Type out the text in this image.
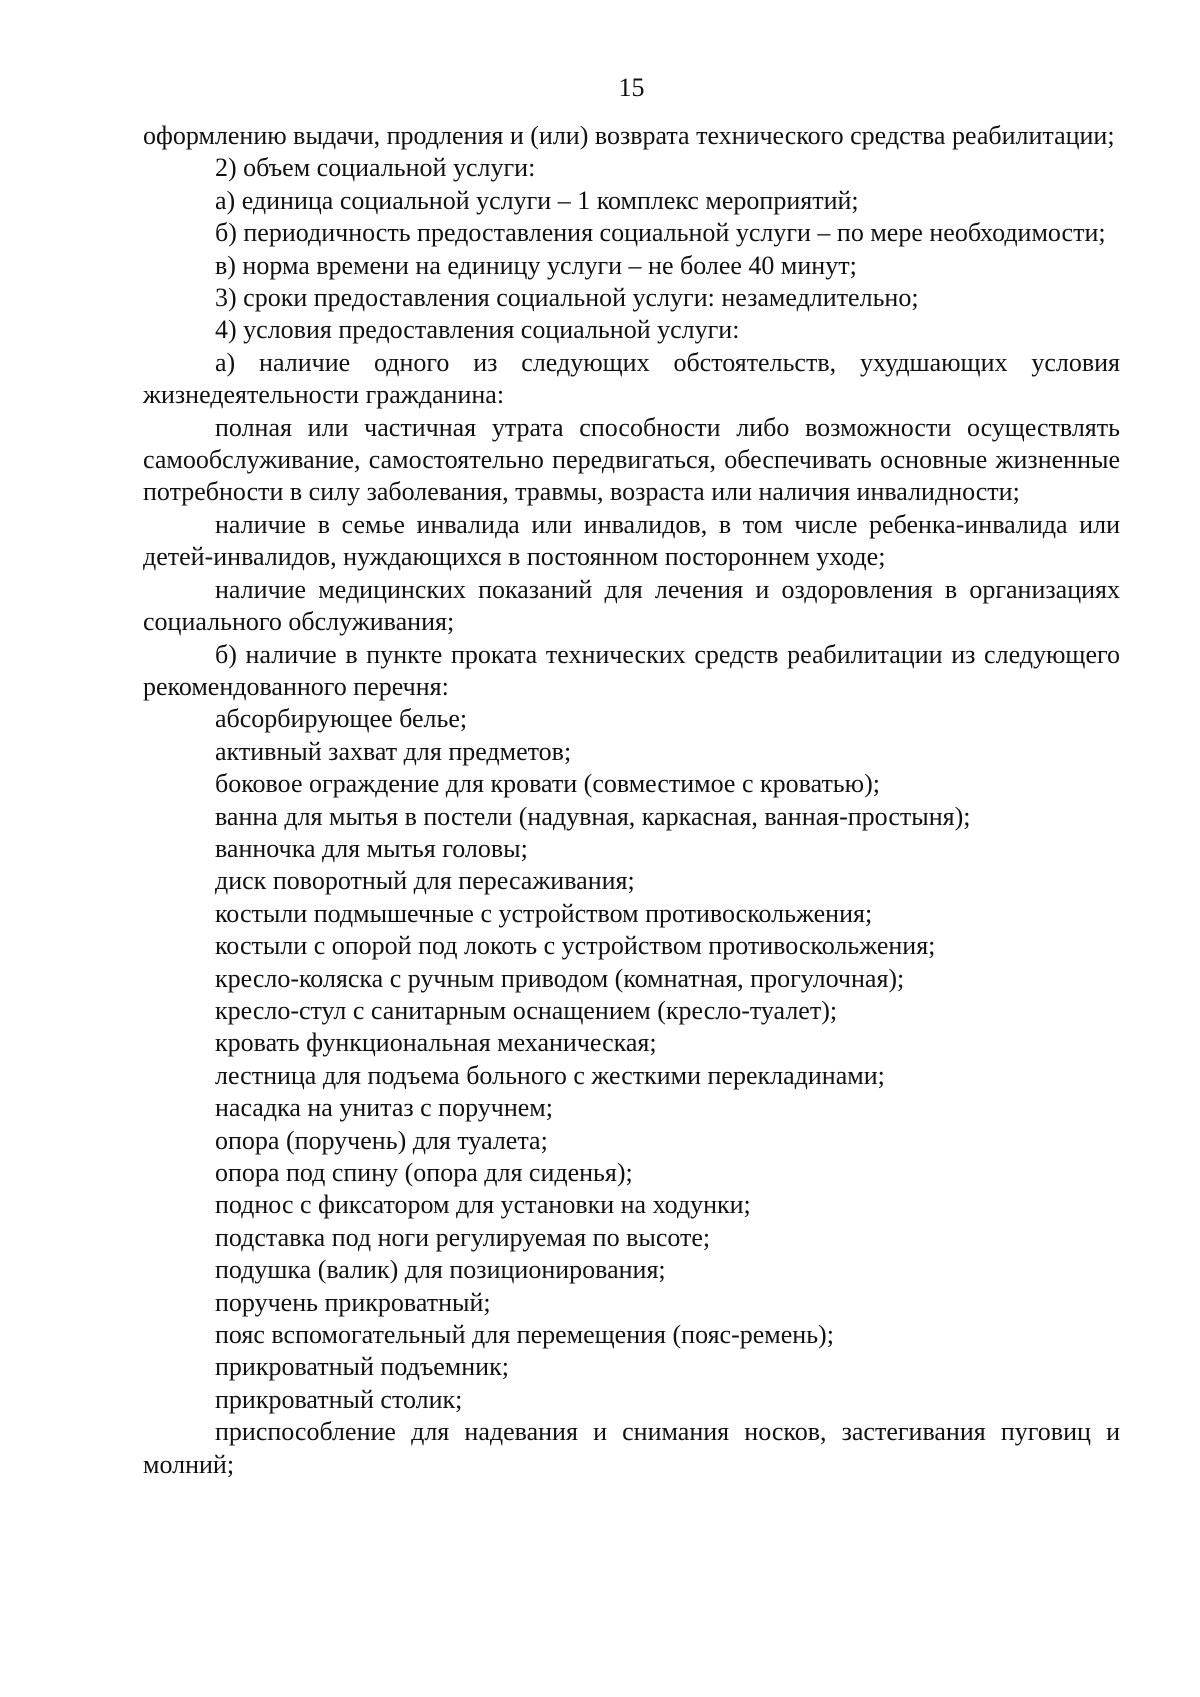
15

оформлению выдачи, продления и (или) возврата технического средства реабилитации;

2) объем социальной услуги:

а) единица социальной услуги – 1 комплекс мероприятий;

б) периодичность предоставления социальной услуги – по мере необходимости;

в) норма времени на единицу услуги – не более 40 минут;

3) сроки предоставления социальной услуги: незамедлительно;

4) условия предоставления социальной услуги:

а) наличие одного из следующих обстоятельств, ухудшающих условия жизнедеятельности гражданина:

полная или частичная утрата способности либо возможности осуществлять самообслуживание, самостоятельно передвигаться, обеспечивать основные жизненные потребности в силу заболевания, травмы, возраста или наличия инвалидности;

наличие в семье инвалида или инвалидов, в том числе ребенка-инвалида или детей-инвалидов, нуждающихся в постоянном постороннем уходе;

наличие медицинских показаний для лечения и оздоровления в организациях социального обслуживания;

б) наличие в пункте проката технических средств реабилитации из следующего рекомендованного перечня:

абсорбирующее белье;

активный захват для предметов;

боковое ограждение для кровати (совместимое с кроватью);

ванна для мытья в постели (надувная, каркасная, ванная-простыня);

ванночка для мытья головы;

диск поворотный для пересаживания;

костыли подмышечные с устройством противоскольжения;

костыли с опорой под локоть с устройством противоскольжения;

кресло-коляска с ручным приводом (комнатная, прогулочная);

кресло-стул с санитарным оснащением (кресло-туалет);

кровать функциональная механическая;

лестница для подъема больного с жесткими перекладинами;

насадка на унитаз с поручнем;

опора (поручень) для туалета;

опора под спину (опора для сиденья);

поднос с фиксатором для установки на ходунки;

подставка под ноги регулируемая по высоте;

подушка (валик) для позиционирования;

поручень прикроватный;

пояс вспомогательный для перемещения (пояс-ремень);

прикроватный подъемник;

прикроватный столик;

приспособление для надевания и снимания носков, застегивания пуговиц и молний;
